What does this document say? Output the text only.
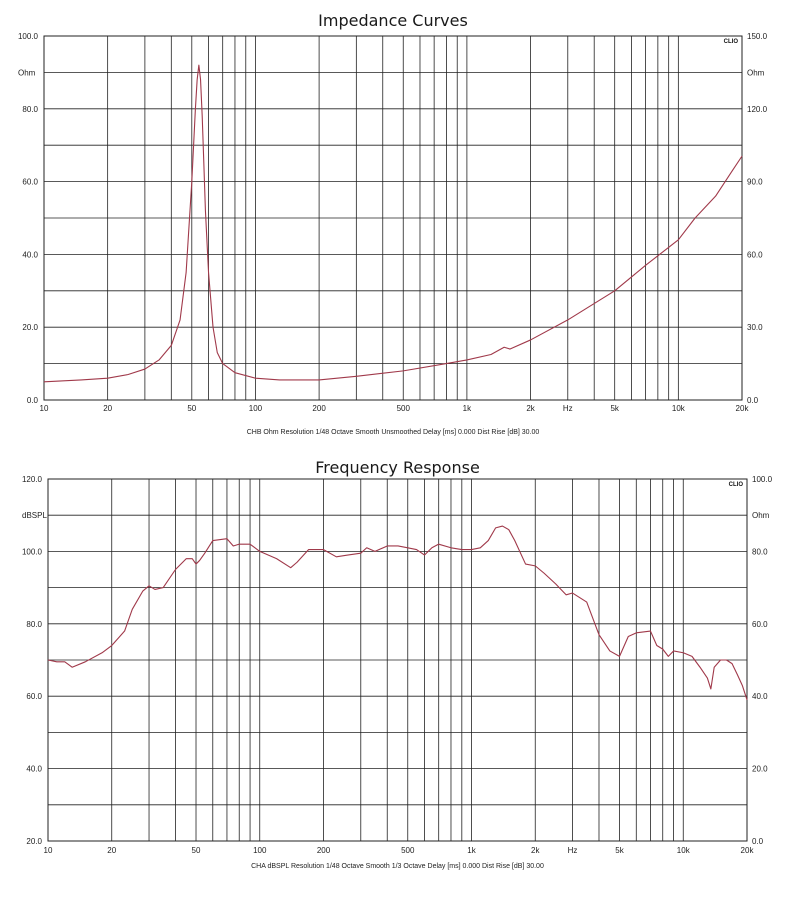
Impedance Curves
CLIO
0.0
20.0
40.0
60.0
80.0
100.0
Ohm
0.0
30.0
60.0
90.0
120.0
150.0
Ohm
10	20	50	100	200	500	1k	2k	5k	10k	20k
Hz
CHB Ohm Resolution 1/48 Octave Smooth Unsmoothed Delay [ms] 0.000 Dist Rise [dB] 30.00
Frequency Response
CLIO
20.0
40.0
60.0
80.0
100.0
120.0
dBSPL
0.0
20.0
40.0
60.0
80.0
100.0
Ohm
10	20	50	100	200	500	1k	2k	5k	10k	20k
Hz
CHA dBSPL Resolution 1/48 Octave Smooth 1/3 Octave Delay [ms] 0.000 Dist Rise [dB] 30.00
